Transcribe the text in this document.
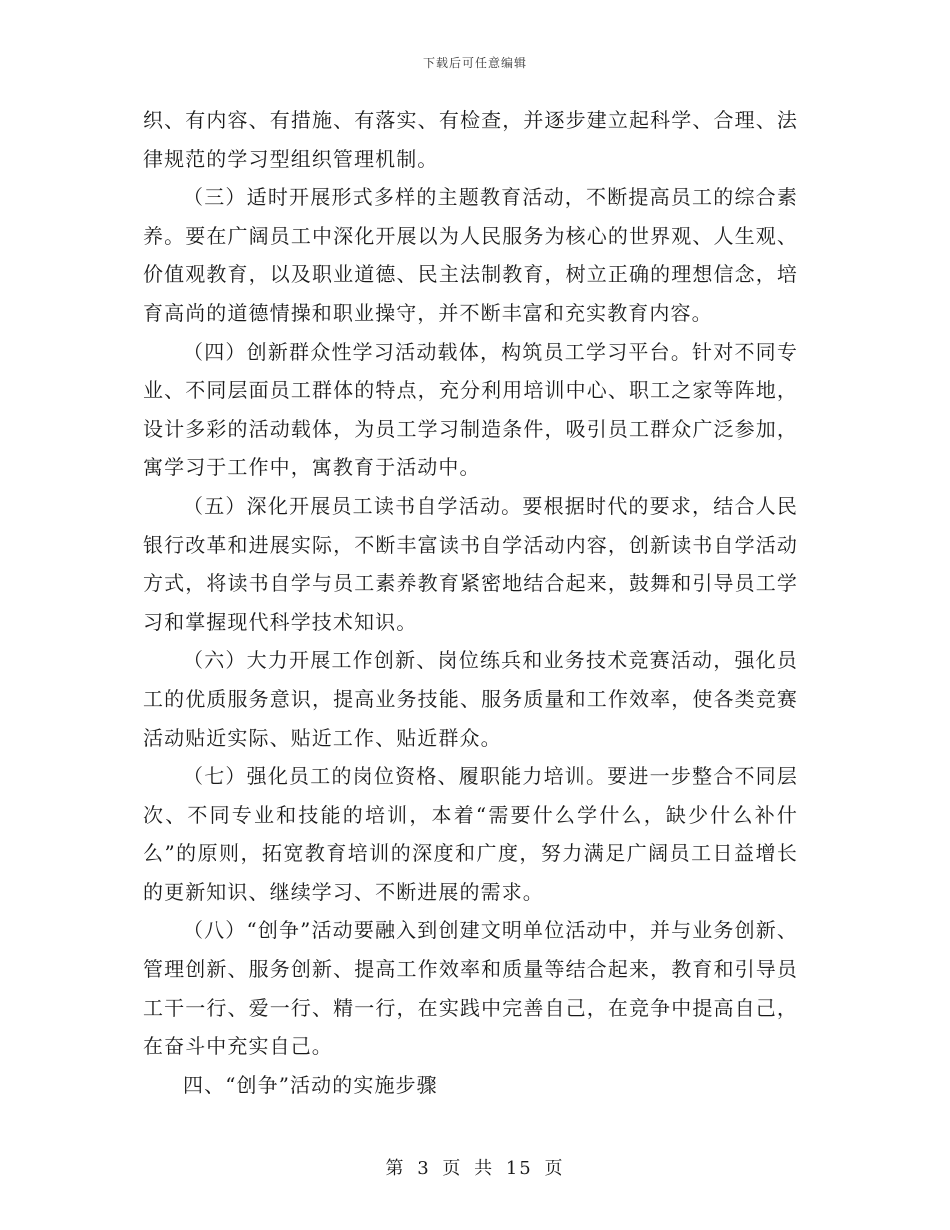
下载后可任意编辑

织、有内容、有措施、有落实、有检查，并逐步建立起科学、合理、法律规范的学习型组织管理机制。

（三）适时开展形式多样的主题教育活动，不断提高员工的综合素养。要在广阔员工中深化开展以为人民服务为核心的世界观、人生观、价值观教育，以及职业道德、民主法制教育，树立正确的理想信念，培育高尚的道德情操和职业操守，并不断丰富和充实教育内容。

（四）创新群众性学习活动载体，构筑员工学习平台。针对不同专业、不同层面员工群体的特点，充分利用培训中心、职工之家等阵地，设计多彩的活动载体，为员工学习制造条件，吸引员工群众广泛参加，寓学习于工作中，寓教育于活动中。

（五）深化开展员工读书自学活动。要根据时代的要求，结合人民银行改革和进展实际，不断丰富读书自学活动内容，创新读书自学活动方式，将读书自学与员工素养教育紧密地结合起来，鼓舞和引导员工学习和掌握现代科学技术知识。

（六）大力开展工作创新、岗位练兵和业务技术竞赛活动，强化员工的优质服务意识，提高业务技能、服务质量和工作效率，使各类竞赛活动贴近实际、贴近工作、贴近群众。

（七）强化员工的岗位资格、履职能力培训。要进一步整合不同层次、不同专业和技能的培训，本着“需要什么学什么，缺少什么补什么”的原则，拓宽教育培训的深度和广度，努力满足广阔员工日益增长的更新知识、继续学习、不断进展的需求。

（八）“创争”活动要融入到创建文明单位活动中，并与业务创新、管理创新、服务创新、提高工作效率和质量等结合起来，教育和引导员工干一行、爱一行、精一行，在实践中完善自己，在竞争中提高自己，在奋斗中充实自己。

四、“创争”活动的实施步骤

第 3 页 共 15 页
